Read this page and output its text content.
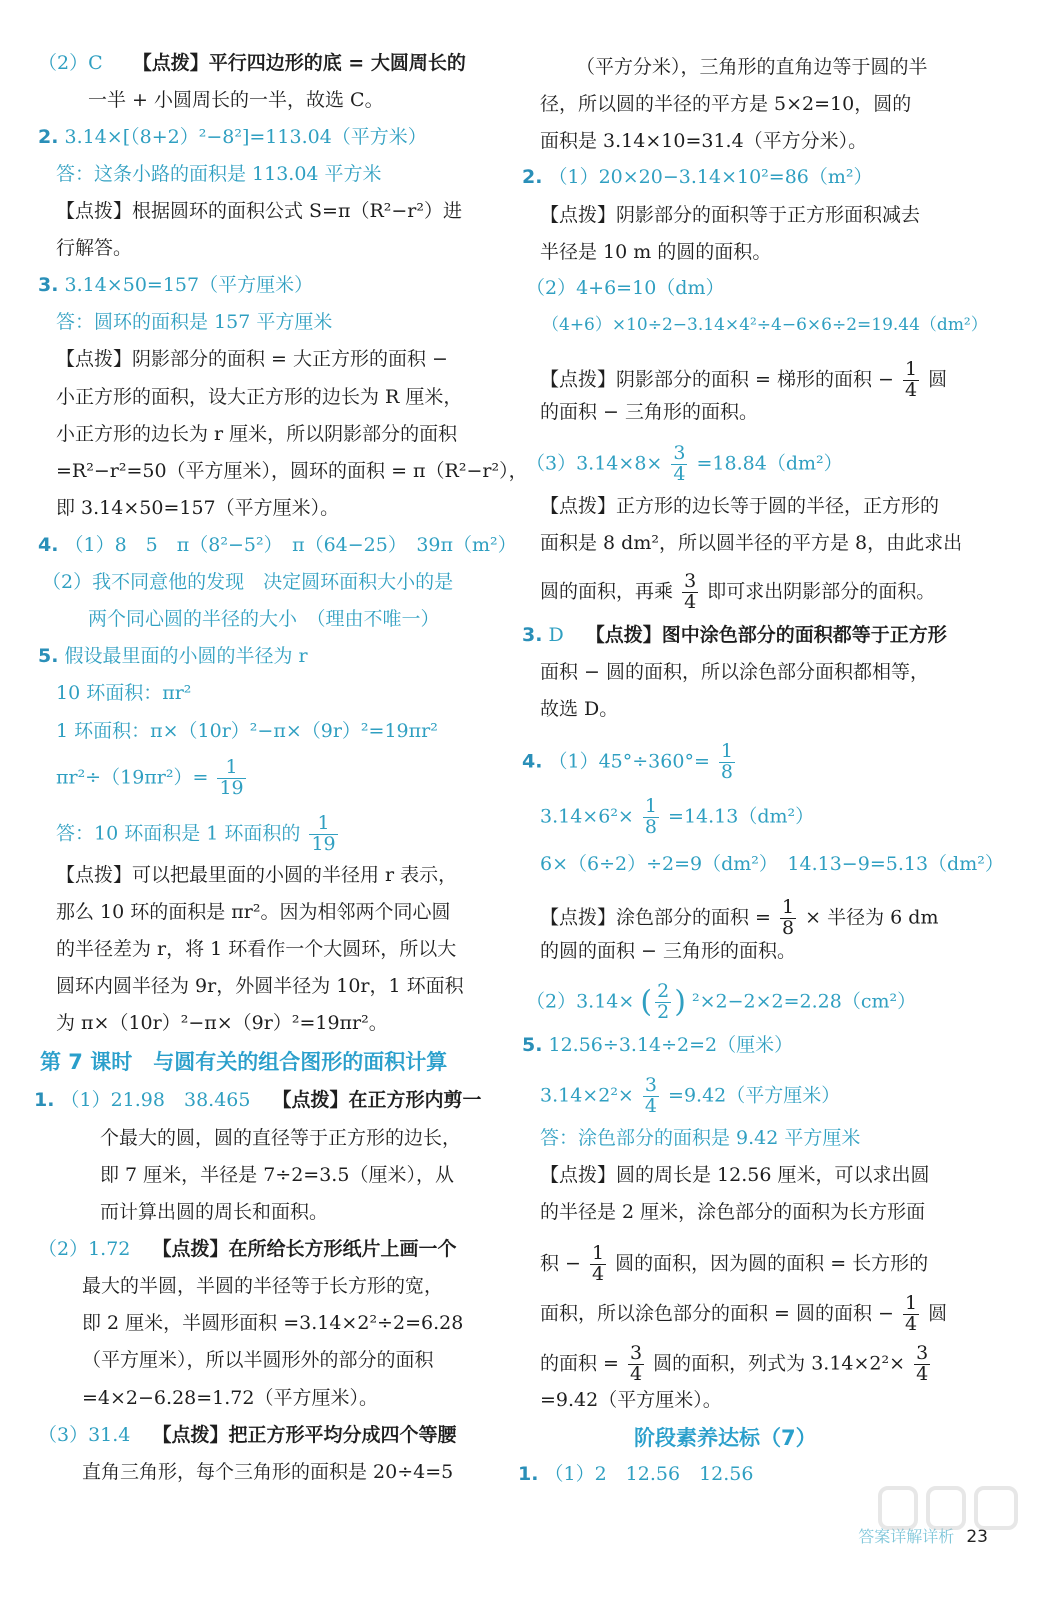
（2）C 【点拨】平行四边形的底 = 大圆周长的
一半 + 小圆周长的一半，故选 C。
2. 3.14×[（8+2）²−8²]=113.04（平方米）
答：这条小路的面积是 113.04 平方米
【点拨】根据圆环的面积公式 S=π（R²−r²）进
行解答。
3. 3.14×50=157（平方厘米）
答：圆环的面积是 157 平方厘米
【点拨】阴影部分的面积 = 大正方形的面积 −
小正方形的面积，设大正方形的边长为 R 厘米，
小正方形的边长为 r 厘米，所以阴影部分的面积
=R²−r²=50（平方厘米），圆环的面积 = π（R²−r²），
即 3.14×50=157（平方厘米）。
4. （1）8　5　π（8²−5²）　π（64−25）　39π（m²）
（2）我不同意他的发现　决定圆环面积大小的是
两个同心圆的半径的大小　（理由不唯一）
5. 假设最里面的小圆的半径为 r
10 环面积：πr²
1 环面积：π×（10r）²−π×（9r）²=19πr²
$\pi r^2\div(19\pi r^2)= \frac{1}{19}$
答：10 环面积是 1 环面积的 $\frac{1}{19}$
【点拨】可以把最里面的小圆的半径用 r 表示，
那么 10 环的面积是 πr²。因为相邻两个同心圆
的半径差为 r，将 1 环看作一个大圆环，所以大
圆环内圆半径为 9r，外圆半径为 10r，1 环面积
为 π×（10r）²−π×（9r）²=19πr²。
第 7 课时　与圆有关的组合图形的面积计算
1. （1）21.98　38.465 【点拨】在正方形内剪一
个最大的圆，圆的直径等于正方形的边长，
即 7 厘米，半径是 7÷2=3.5（厘米），从
而计算出圆的周长和面积。
（2）1.72 【点拨】在所给长方形纸片上画一个
最大的半圆，半圆的半径等于长方形的宽，
即 2 厘米，半圆形面积 =3.14×2²÷2=6.28
（平方厘米），所以半圆形外的部分的面积
=4×2−6.28=1.72（平方厘米）。
（3）31.4 【点拨】把正方形平均分成四个等腰
直角三角形，每个三角形的面积是 20÷4=5
（平方分米），三角形的直角边等于圆的半
径，所以圆的半径的平方是 5×2=10，圆的
面积是 3.14×10=31.4（平方分米）。
2. （1）20×20−3.14×10²=86（m²）
【点拨】阴影部分的面积等于正方形面积减去
半径是 10 m 的圆的面积。
（2）4+6=10（dm）
（4+6）×10÷2−3.14×4²÷4−6×6÷2=19.44（dm²）
【点拨】阴影部分的面积 = 梯形的面积 − $\frac{1}{4}$ 圆
的面积 − 三角形的面积。
$(3)3.14\times 8\times \frac{3}{4} =18.84(dm^2)$
【点拨】正方形的边长等于圆的半径，正方形的
面积是 8 dm²，所以圆半径的平方是 8，由此求出
圆的面积，再乘 $\frac{3}{4}$ 即可求出阴影部分的面积。
3. D 【点拨】图中涂色部分的面积都等于正方形
面积 − 圆的面积，所以涂色部分面积都相等，
故选 D。
4. $(1)45^\circ\div 360^\circ= \frac{1}{8}$
$3.14\times 6^2\times \frac{1}{8} =14.13(dm^2)$
6×（6÷2）÷2=9（dm²）　14.13−9=5.13（dm²）
【点拨】涂色部分的面积 = $\frac{1}{8}$ × 半径为 6 dm
的圆的面积 − 三角形的面积。
（2）3.14× ( $\frac{2}{2}$ ) ²×2−2×2=2.28（cm²）
5. 12.56÷3.14÷2=2（厘米）
$3.14\times 2^2\times \frac{3}{4} =9.42$（平方厘米）
答：涂色部分的面积是 9.42 平方厘米
【点拨】圆的周长是 12.56 厘米，可以求出圆
的半径是 2 厘米，涂色部分的面积为长方形面
积 − $\frac{1}{4}$ 圆的面积，因为圆的面积 = 长方形的
面积，所以涂色部分的面积 = 圆的面积 − $\frac{1}{4}$ 圆
的面积 = $\frac{3}{4}$ 圆的面积，列式为 $3.14\times 2^2\times \frac{3}{4}$
=9.42（平方厘米）。
阶段素养达标（7）
1. （1）2　12.56　12.56
答案详解详析 23
